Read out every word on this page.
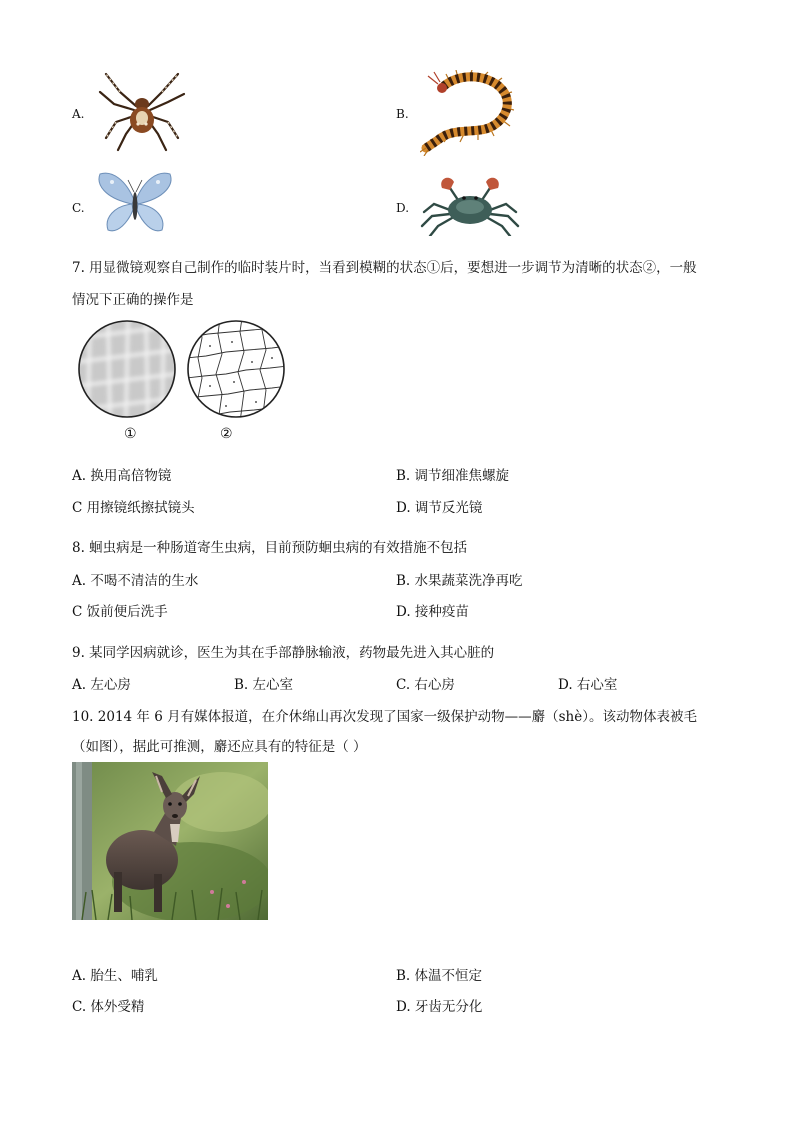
A.	B.
C.	D.
7. 用显微镜观察自己制作的临时装片时，当看到模糊的状态①后，要想进一步调节为清晰的状态②，一般
情况下正确的操作是
①	②
A. 换用高倍物镜	B. 调节细准焦螺旋
C 用擦镜纸擦拭镜头	D. 调节反光镜
8. 蛔虫病是一种肠道寄生虫病，目前预防蛔虫病的有效措施不包括
A. 不喝不清洁的生水	B. 水果蔬菜洗净再吃
C 饭前便后洗手	D. 接种疫苗
9. 某同学因病就诊，医生为其在手部静脉输液，药物最先进入其心脏的
A. 左心房	B. 左心室	C. 右心房	D. 右心室
10. 2014 年 6 月有媒体报道，在介休绵山再次发现了国家一级保护动物——麝（shè）。该动物体表被毛
（如图），据此可推测，麝还应具有的特征是（ ）
A. 胎生、哺乳	B. 体温不恒定
C. 体外受精	D. 牙齿无分化
